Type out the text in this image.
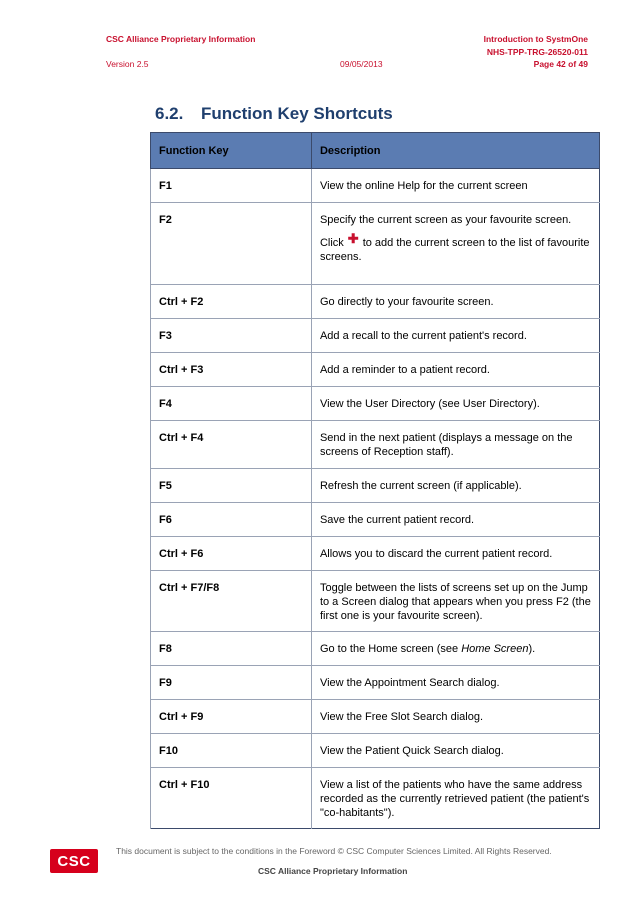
CSC Alliance Proprietary Information	Introduction to SystmOne
NHS-TPP-TRG-26520-011
Version 2.5	09/05/2013	Page 42 of 49
6.2. Function Key Shortcuts
Function Key	Description
F1	View the online Help for the current screen
F2	Specify the current screen as your favourite screen.

Click ✚ to add the current screen to the list of favourite screens.

Ctrl + F2	Go directly to your favourite screen.
F3	Add a recall to the current patient's record.
Ctrl + F3	Add a reminder to a patient record.
F4	View the User Directory (see User Directory).
Ctrl + F4	Send in the next patient (displays a message on the screens of Reception staff).
F5	Refresh the current screen (if applicable).
F6	Save the current patient record.
Ctrl + F6	Allows you to discard the current patient record.
Ctrl + F7/F8	Toggle between the lists of screens set up on the Jump to a Screen dialog that appears when you press F2 (the first one is your favourite screen).
F8	Go to the Home screen (see Home Screen).
F9	View the Appointment Search dialog.
Ctrl + F9	View the Free Slot Search dialog.
F10	View the Patient Quick Search dialog.
Ctrl + F10	View a list of the patients who have the same address recorded as the currently retrieved patient (the patient's "co-habitants").
CSC
This document is subject to the conditions in the Foreword © CSC Computer Sciences Limited. All Rights Reserved.
CSC Alliance Proprietary Information
